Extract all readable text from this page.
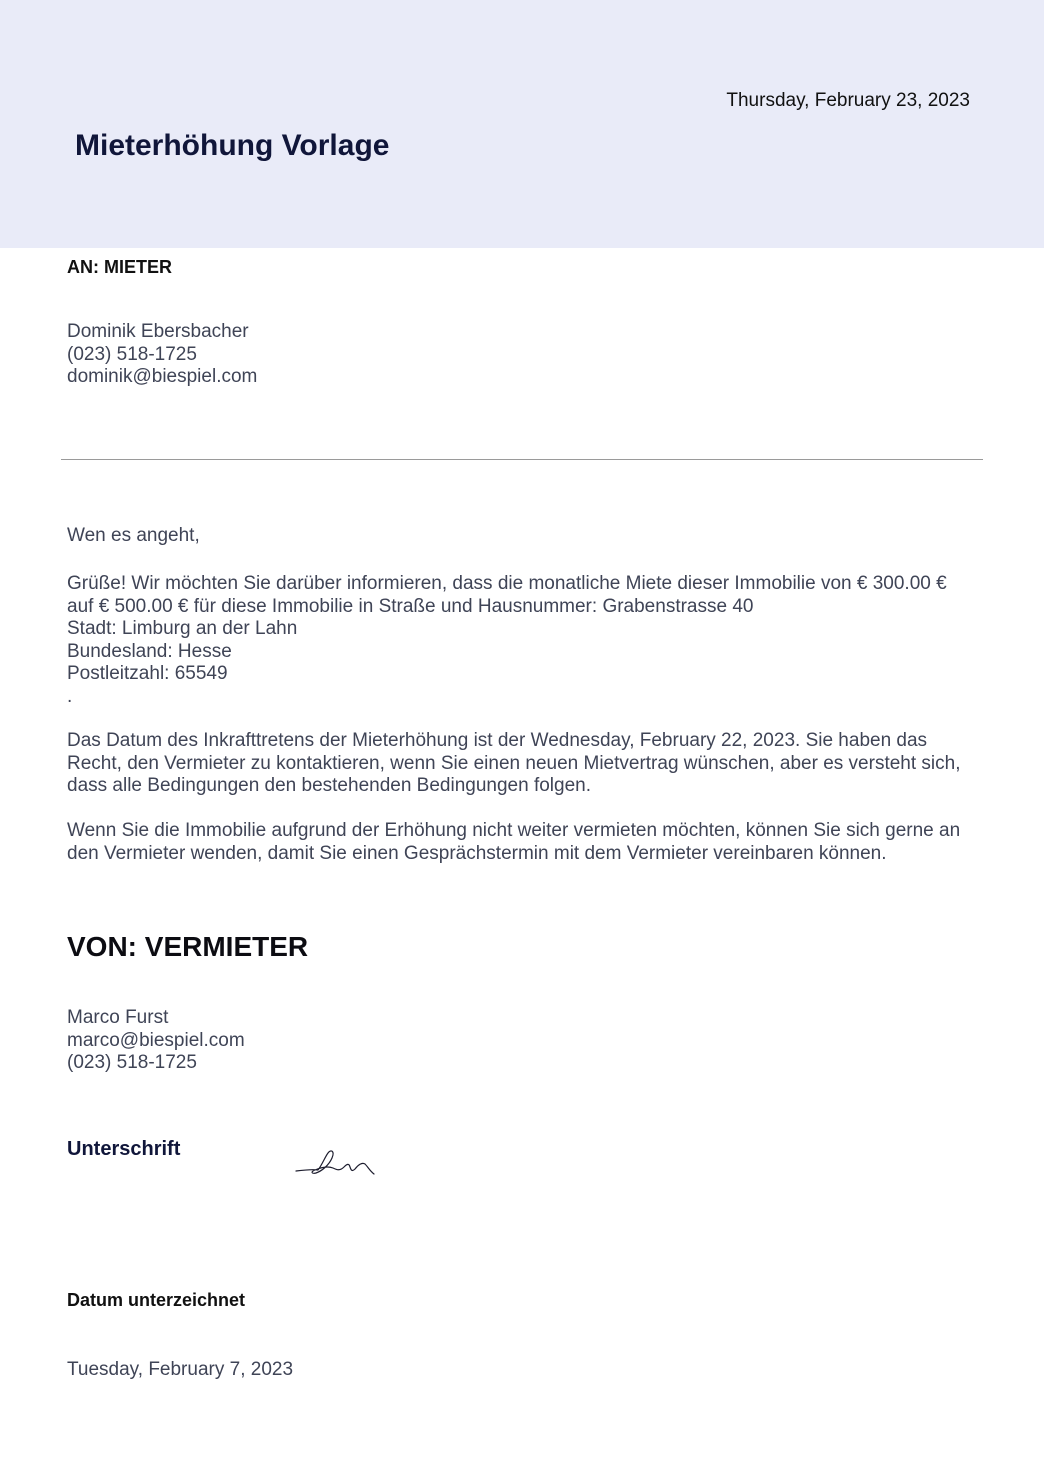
Thursday, February 23, 2023
Mieterhöhung Vorlage
AN: MIETER
Dominik Ebersbacher
(023) 518-1725
dominik@biespiel.com
Wen es angeht,
Grüße! Wir möchten Sie darüber informieren, dass die monatliche Miete dieser Immobilie von € 300.00 €
auf € 500.00 € für diese Immobilie in Straße und Hausnummer: Grabenstrasse 40
Stadt: Limburg an der Lahn
Bundesland: Hesse
Postleitzahl: 65549
.

Das Datum des Inkrafttretens der Mieterhöhung ist der Wednesday, February 22, 2023. Sie haben das Recht, den Vermieter zu kontaktieren, wenn Sie einen neuen Mietvertrag wünschen, aber es versteht sich, dass alle Bedingungen den bestehenden Bedingungen folgen.

Wenn Sie die Immobilie aufgrund der Erhöhung nicht weiter vermieten möchten, können Sie sich gerne an den Vermieter wenden, damit Sie einen Gesprächstermin mit dem Vermieter vereinbaren können.

VON: VERMIETER
Marco Furst
marco@biespiel.com
(023) 518-1725
Unterschrift
Datum unterzeichnet
Tuesday, February 7, 2023
